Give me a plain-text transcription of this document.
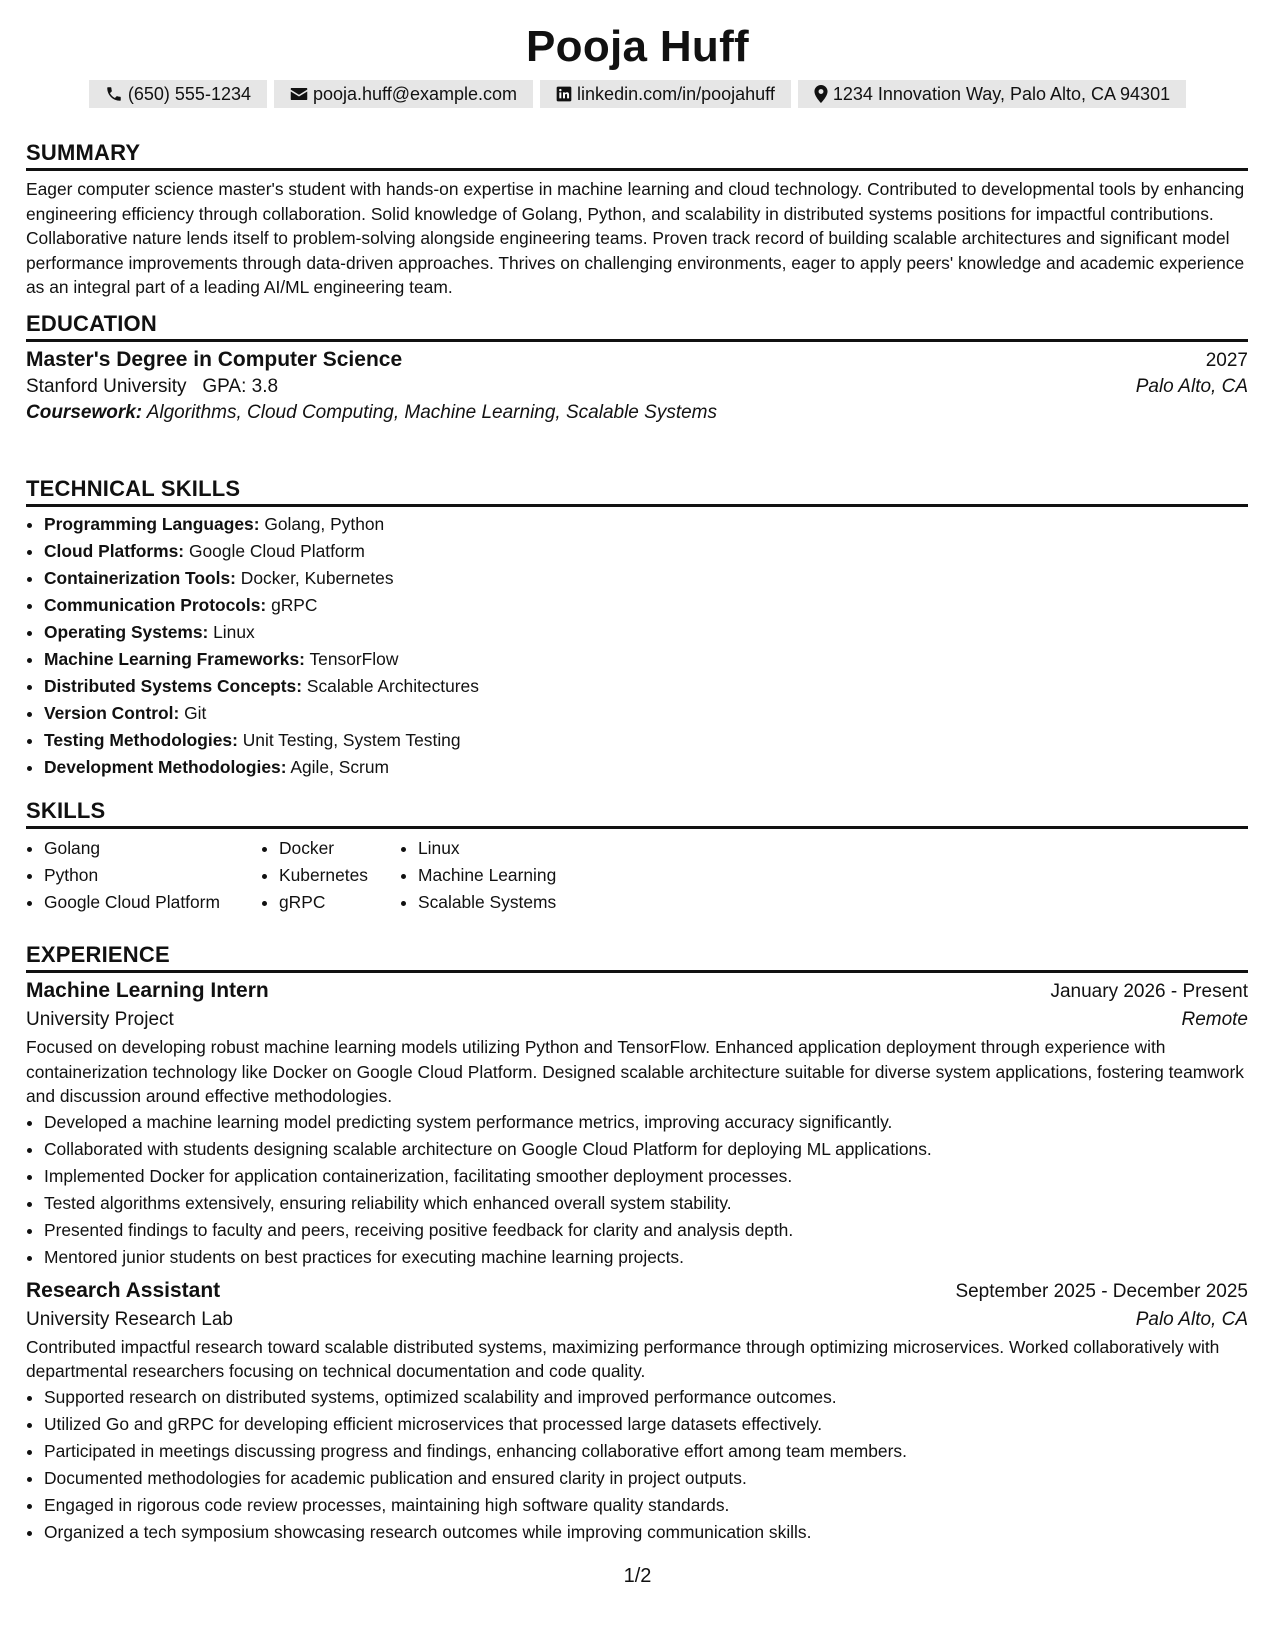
Pooja Huff
(650) 555-1234	pooja.huff@example.com	linkedin.com/in/poojahuff	1234 Innovation Way, Palo Alto, CA 94301
SUMMARY
Eager computer science master's student with hands-on expertise in machine learning and cloud technology. Contributed to developmental tools by enhancing engineering efficiency through collaboration. Solid knowledge of Golang, Python, and scalability in distributed systems positions for impactful contributions. Collaborative nature lends itself to problem-solving alongside engineering teams. Proven track record of building scalable architectures and significant model performance improvements through data-driven approaches. Thrives on challenging environments, eager to apply peers' knowledge and academic experience as an integral part of a leading AI/ML engineering team.
EDUCATION
Master's Degree in Computer Science	2027
Stanford University GPA: 3.8	Palo Alto, CA
Coursework: Algorithms, Cloud Computing, Machine Learning, Scalable Systems
TECHNICAL SKILLS
• Programming Languages: Golang, Python
• Cloud Platforms: Google Cloud Platform
• Containerization Tools: Docker, Kubernetes
• Communication Protocols: gRPC
• Operating Systems: Linux
• Machine Learning Frameworks: TensorFlow
• Distributed Systems Concepts: Scalable Architectures
• Version Control: Git
• Testing Methodologies: Unit Testing, System Testing
• Development Methodologies: Agile, Scrum
SKILLS
• Golang
• Python
• Google Cloud Platform
• Docker
• Kubernetes
• gRPC
• Linux
• Machine Learning
• Scalable Systems
EXPERIENCE
Machine Learning Intern	January 2026 - Present
University Project	Remote
Focused on developing robust machine learning models utilizing Python and TensorFlow. Enhanced application deployment through experience with containerization technology like Docker on Google Cloud Platform. Designed scalable architecture suitable for diverse system applications, fostering teamwork and discussion around effective methodologies.
• Developed a machine learning model predicting system performance metrics, improving accuracy significantly.
• Collaborated with students designing scalable architecture on Google Cloud Platform for deploying ML applications.
• Implemented Docker for application containerization, facilitating smoother deployment processes.
• Tested algorithms extensively, ensuring reliability which enhanced overall system stability.
• Presented findings to faculty and peers, receiving positive feedback for clarity and analysis depth.
• Mentored junior students on best practices for executing machine learning projects.
Research Assistant	September 2025 - December 2025
University Research Lab	Palo Alto, CA
Contributed impactful research toward scalable distributed systems, maximizing performance through optimizing microservices. Worked collaboratively with departmental researchers focusing on technical documentation and code quality.
• Supported research on distributed systems, optimized scalability and improved performance outcomes.
• Utilized Go and gRPC for developing efficient microservices that processed large datasets effectively.
• Participated in meetings discussing progress and findings, enhancing collaborative effort among team members.
• Documented methodologies for academic publication and ensured clarity in project outputs.
• Engaged in rigorous code review processes, maintaining high software quality standards.
• Organized a tech symposium showcasing research outcomes while improving communication skills.
1/2
